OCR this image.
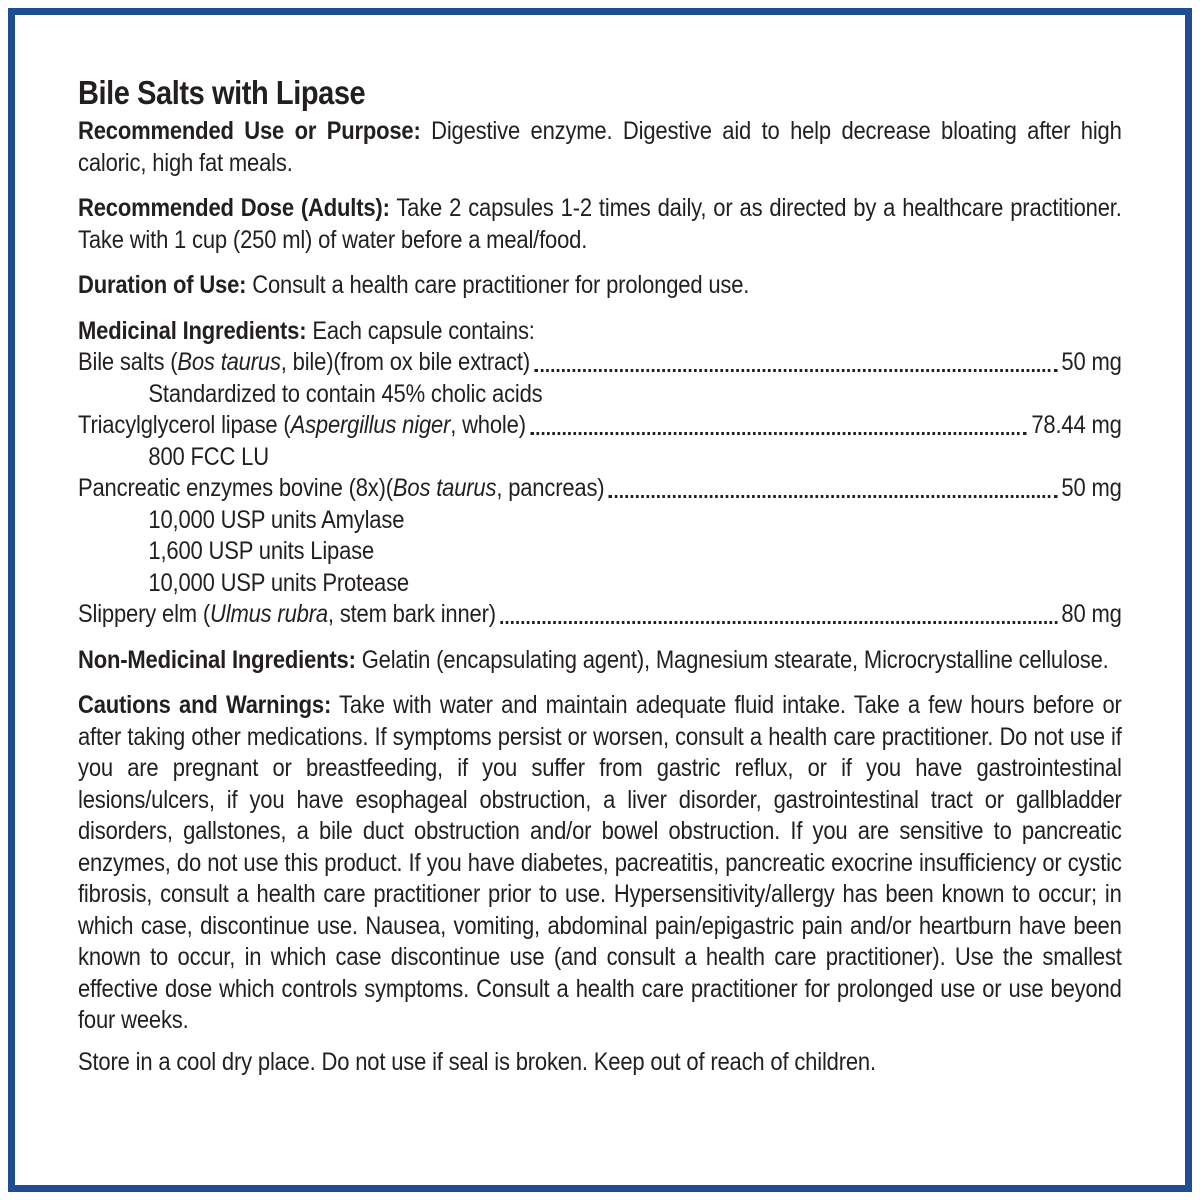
Bile Salts with Lipase

Recommended Use or Purpose: Digestive enzyme. Digestive aid to help decrease bloating after high caloric, high fat meals.

Recommended Dose (Adults): Take 2 capsules 1-2 times daily, or as directed by a healthcare practitioner. Take with 1 cup (250 ml) of water before a meal/food.

Duration of Use: Consult a health care practitioner for prolonged use.

Medicinal Ingredients: Each capsule contains:
Bile salts (Bos taurus, bile)(from ox bile extract)	50 mg
Standardized to contain 45% cholic acids
Triacylglycerol lipase (Aspergillus niger, whole)	78.44 mg
800 FCC LU
Pancreatic enzymes bovine (8x)(Bos taurus, pancreas)	50 mg
10,000 USP units Amylase
1,600 USP units Lipase
10,000 USP units Protease
Slippery elm (Ulmus rubra, stem bark inner)	80 mg

Non-Medicinal Ingredients: Gelatin (encapsulating agent), Magnesium stearate, Microcrystalline cellulose.

Cautions and Warnings: Take with water and maintain adequate fluid intake. Take a few hours before or after taking other medications. If symptoms persist or worsen, consult a health care practitioner. Do not use if you are pregnant or breastfeeding, if you suffer from gastric reflux, or if you have gastrointestinal lesions/ulcers, if you have esophageal obstruction, a liver disorder, gastrointestinal tract or gallbladder disorders, gallstones, a bile duct obstruction and/or bowel obstruction. If you are sensitive to pancreatic enzymes, do not use this product. If you have diabetes, pacreatitis, pancreatic exocrine insufficiency or cystic fibrosis, consult a health care practitioner prior to use. Hypersensitivity/allergy has been known to occur; in which case, discontinue use. Nausea, vomiting, abdominal pain/epigastric pain and/or heartburn have been known to occur, in which case discontinue use (and consult a health care practitioner). Use the smallest effective dose which controls symptoms. Consult a health care practitioner for prolonged use or use beyond four weeks.

Store in a cool dry place. Do not use if seal is broken. Keep out of reach of children.
